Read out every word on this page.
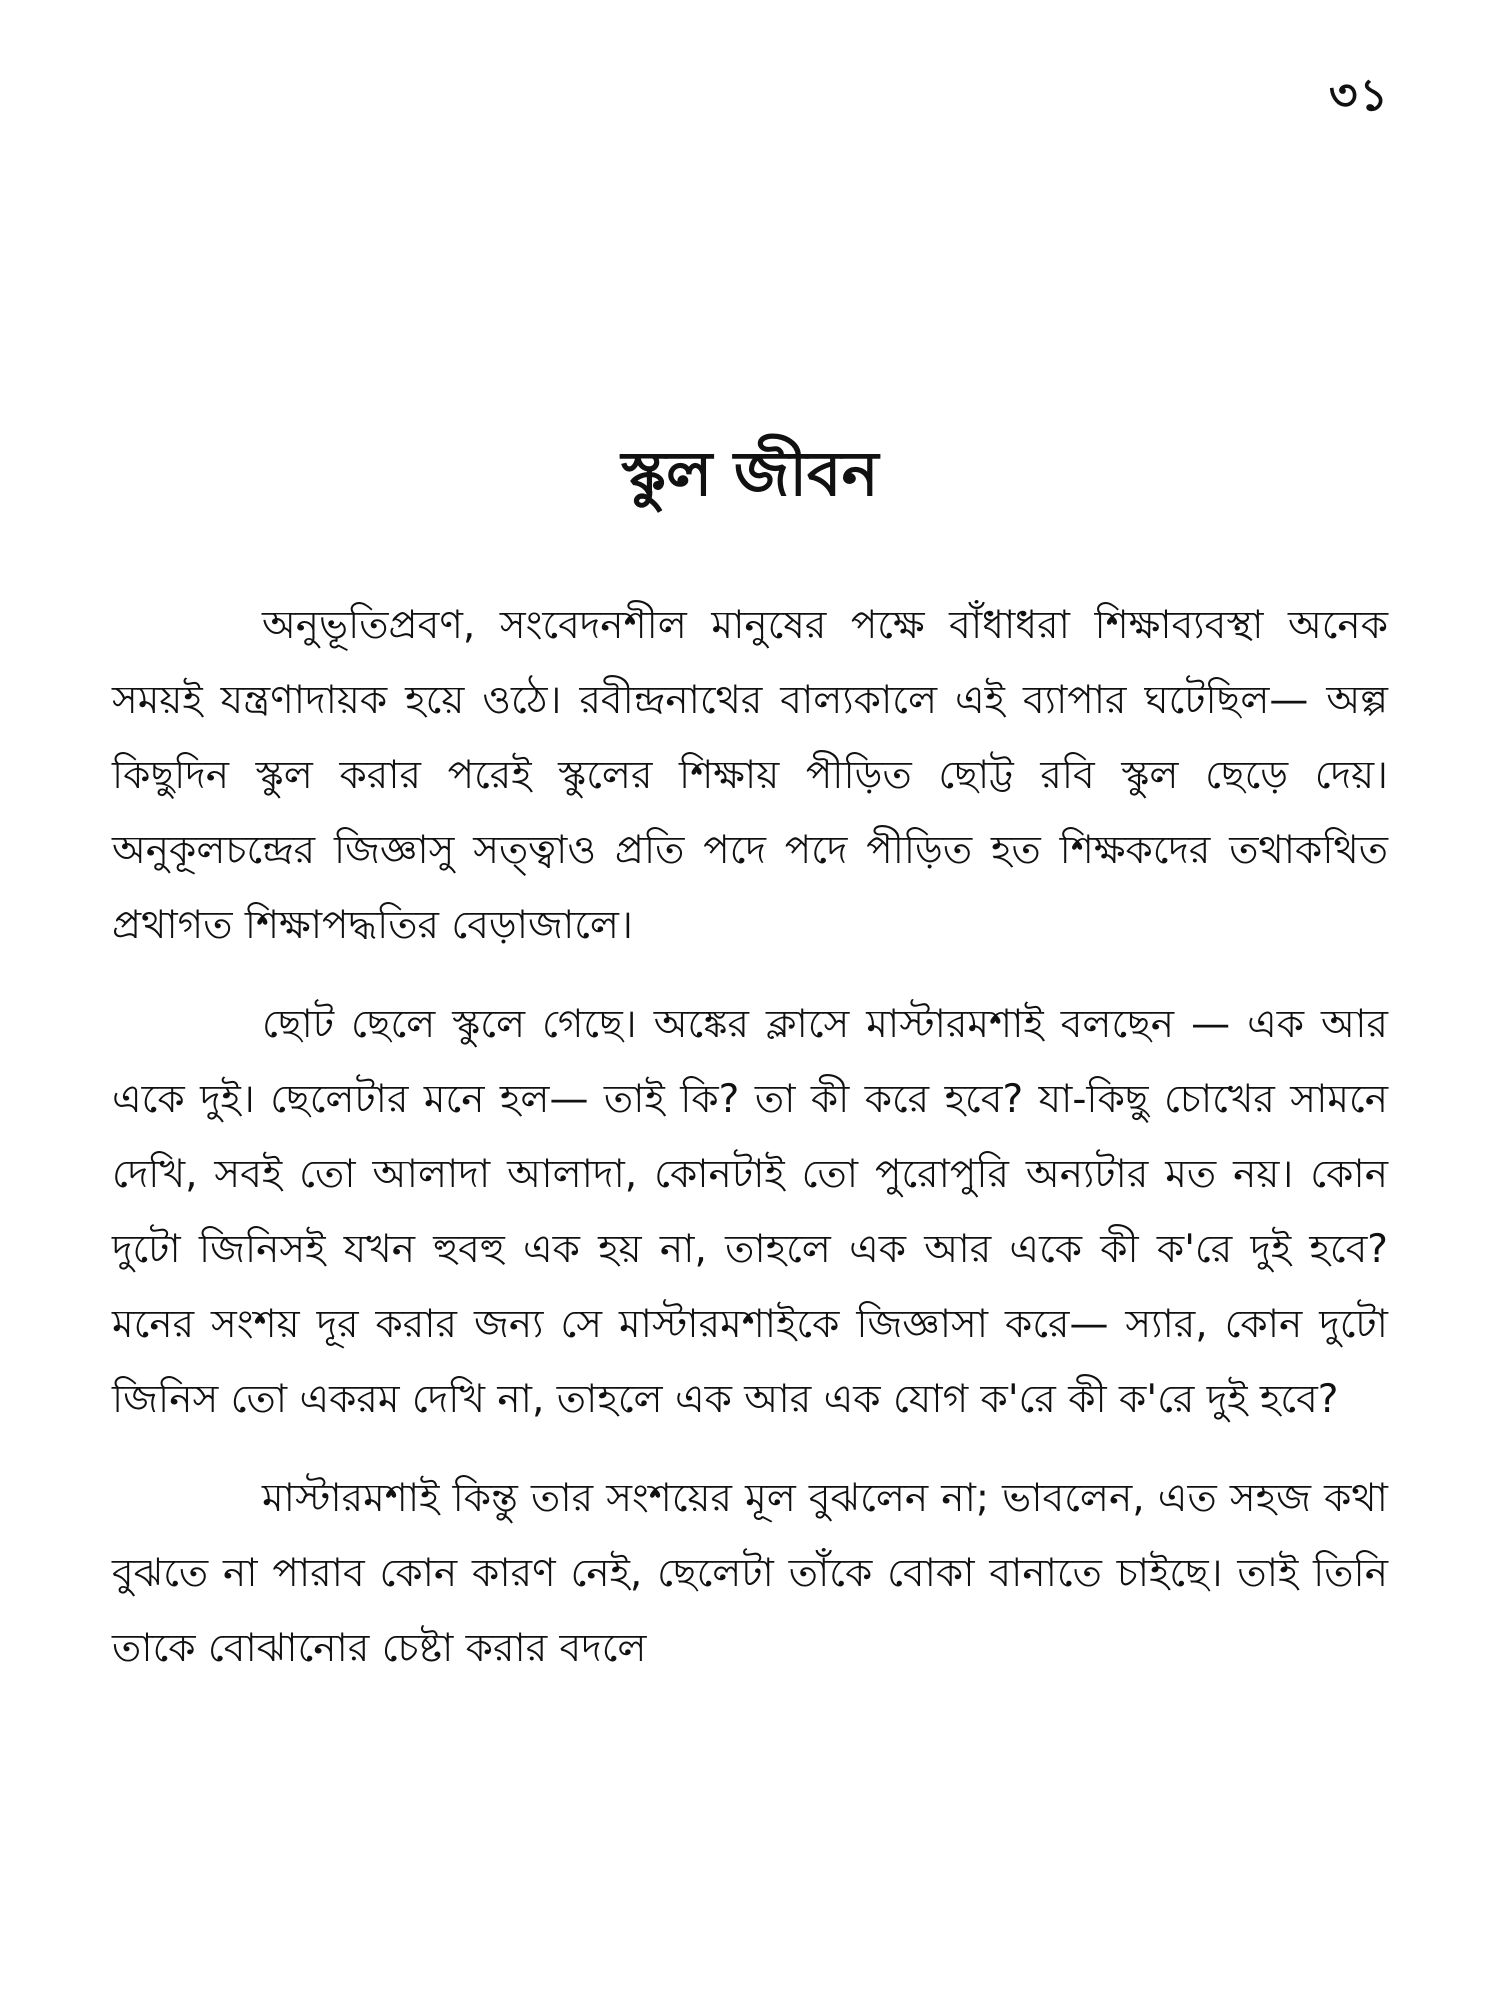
৩১
স্কুল জীবন

অনুভূতিপ্রবণ, সংবেদনশীল মানুষের পক্ষে বাঁধাধরা শিক্ষাব্যবস্থা অনেক সময়ই যন্ত্রণাদায়ক হয়ে ওঠে। রবীন্দ্রনাথের বাল্যকালে এই ব্যাপার ঘটেছিল— অল্প কিছুদিন স্কুল করার পরেই স্কুলের শিক্ষায় পীড়িত ছোট্ট রবি স্কুল ছেড়ে দেয়। অনুকূলচন্দ্রের জিজ্ঞাসু সত্ত্বাও প্রতি পদে পদে পীড়িত হত শিক্ষকদের তথাকথিত প্রথাগত শিক্ষাপদ্ধতির বেড়াজালে।

ছোট ছেলে স্কুলে গেছে। অঙ্কের ক্লাসে মাস্টারমশাই বলছেন — এক আর একে দুই। ছেলেটার মনে হল— তাই কি? তা কী করে হবে? যা-কিছু চোখের সামনে দেখি, সবই তো আলাদা আলাদা, কোনটাই তো পুরোপুরি অন্যটার মত নয়। কোন দুটো জিনিসই যখন হুবহু এক হয় না, তাহলে এক আর একে কী ক'রে দুই হবে? মনের সংশয় দূর করার জন্য সে মাস্টারমশাইকে জিজ্ঞাসা করে— স্যার, কোন দুটো জিনিস তো একরম দেখি না, তাহলে এক আর এক যোগ ক'রে কী ক'রে দুই হবে?

মাস্টারমশাই কিন্তু তার সংশয়ের মূল বুঝলেন না; ভাবলেন, এত সহজ কথা বুঝতে না পারাব কোন কারণ নেই, ছেলেটা তাঁকে বোকা বানাতে চাইছে। তাই তিনি তাকে বোঝানোর চেষ্টা করার বদলে
